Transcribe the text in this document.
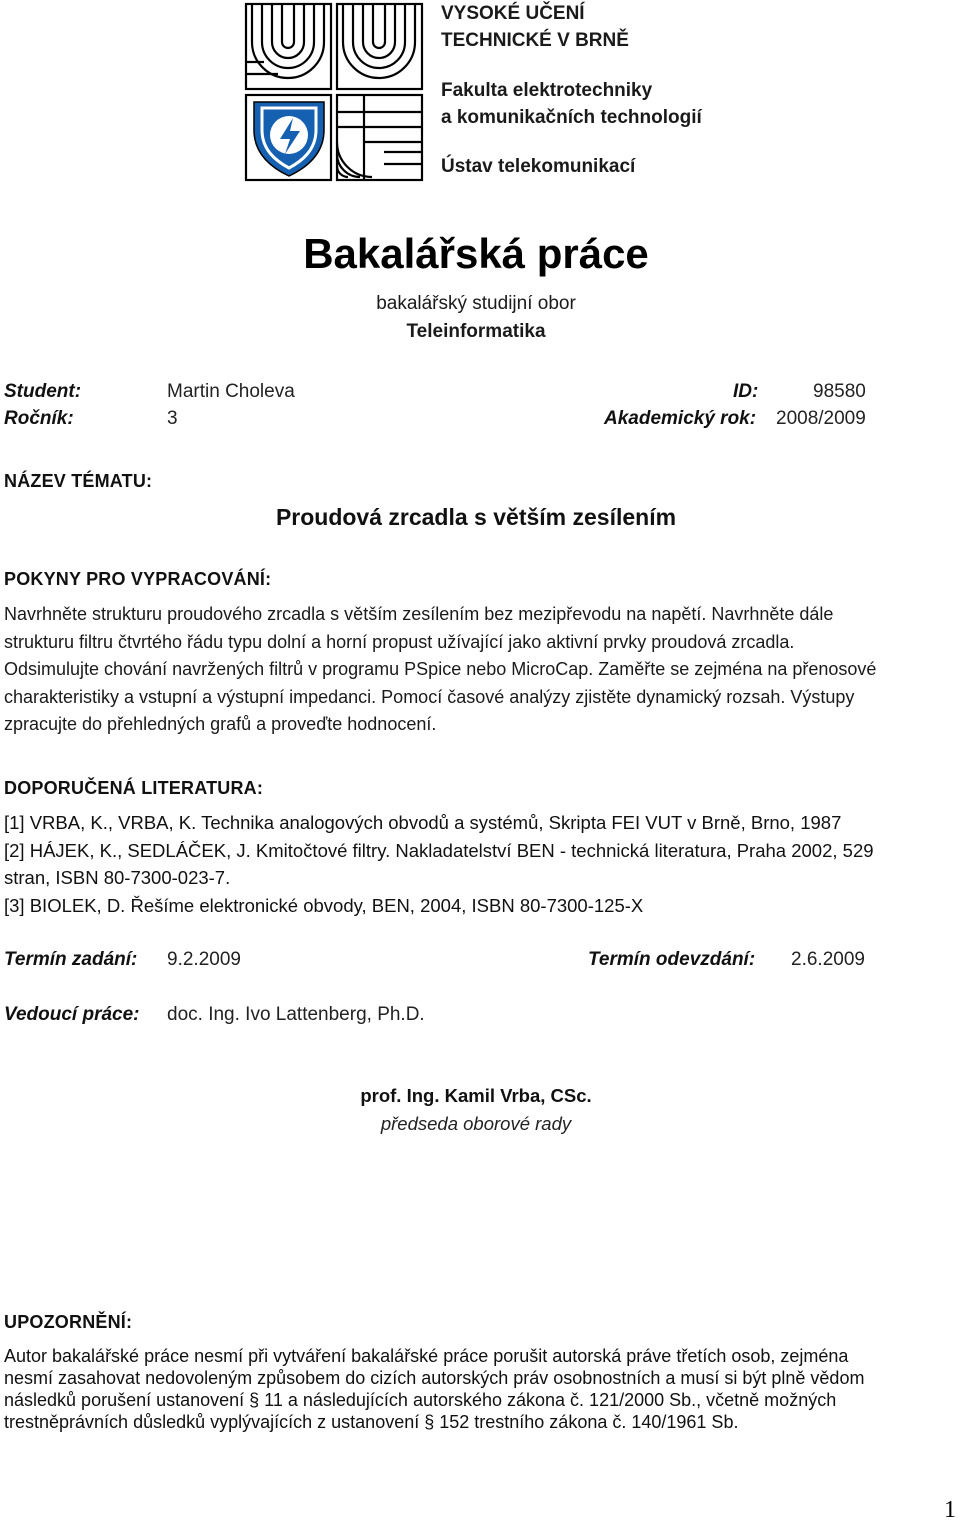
VYSOKÉ UČENÍ
TECHNICKÉ V BRNĚ
Fakulta elektrotechniky
a komunikačních technologií
Ústav telekomunikací
Bakalářská práce
bakalářský studijní obor
Teleinformatika
Student:	Martin Choleva	ID:	98580
Ročník:	3	Akademický rok: 2008/2009
NÁZEV TÉMATU:
Proudová zrcadla s větším zesílením
POKYNY PRO VYPRACOVÁNÍ:
Navrhněte strukturu proudového zrcadla s větším zesílením bez mezipřevodu na napětí. Navrhněte dále
strukturu filtru čtvrtého řádu typu dolní a horní propust užívající jako aktivní prvky proudová zrcadla.
Odsimulujte chování navržených filtrů v programu PSpice nebo MicroCap. Zaměřte se zejména na přenosové
charakteristiky a vstupní a výstupní impedanci. Pomocí časové analýzy zjistěte dynamický rozsah. Výstupy
zpracujte do přehledných grafů a proveďte hodnocení.
DOPORUČENÁ LITERATURA:
[1] VRBA, K., VRBA, K. Technika analogových obvodů a systémů, Skripta FEI VUT v Brně, Brno, 1987
[2] HÁJEK, K., SEDLÁČEK, J. Kmitočtové filtry. Nakladatelství BEN - technická literatura, Praha 2002, 529
stran, ISBN 80-7300-023-7.
[3] BIOLEK, D. Řešíme elektronické obvody, BEN, 2004, ISBN 80-7300-125-X
Termín zadání: 9.2.2009	Termín odevzdání: 2.6.2009
Vedoucí práce: doc. Ing. Ivo Lattenberg, Ph.D.
prof. Ing. Kamil Vrba, CSc.
předseda oborové rady
UPOZORNĚNÍ:
Autor bakalářské práce nesmí při vytváření bakalářské práce porušit autorská práve třetích osob, zejména
nesmí zasahovat nedovoleným způsobem do cizích autorských práv osobnostních a musí si být plně vědom
následků porušení ustanovení § 11 a následujících autorského zákona č. 121/2000 Sb., včetně možných
trestněprávních důsledků vyplývajících z ustanovení § 152 trestního zákona č. 140/1961 Sb.
1
